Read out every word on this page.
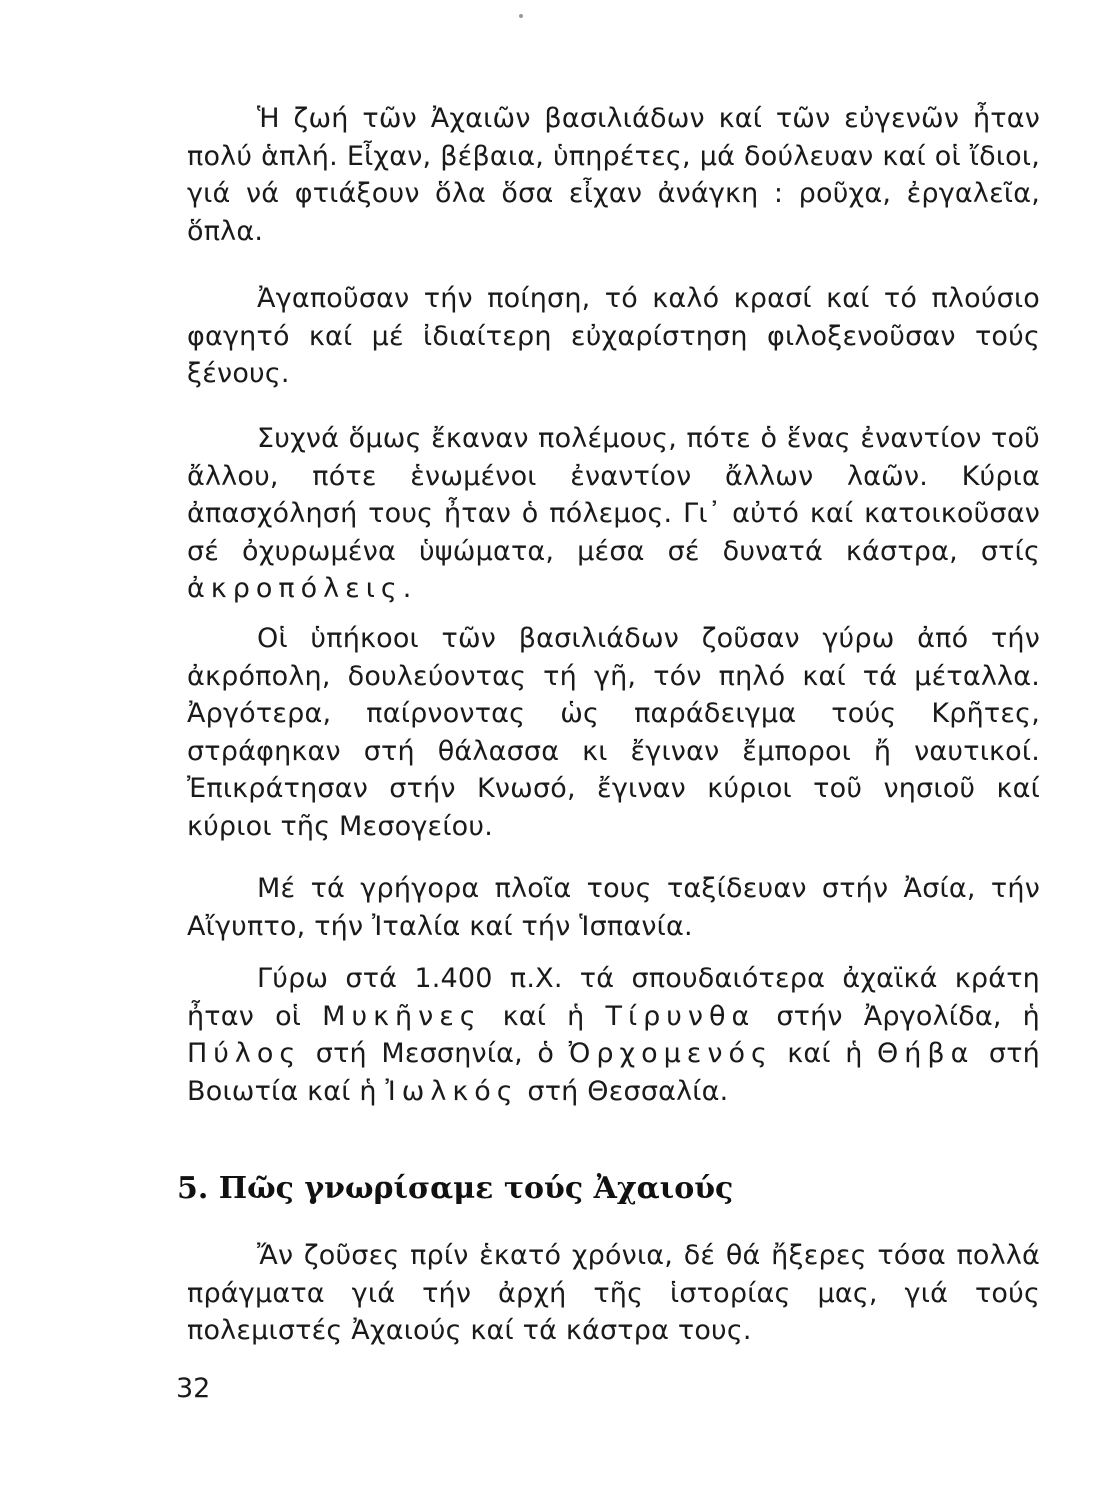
Ἡ ζωή τῶν Ἀχαιῶν βασιλιάδων καί τῶν εὐγενῶν ἦταν πολύ ἁπλή. Εἶχαν, βέβαια, ὑπηρέτες, μά δούλευαν καί οἱ ἴδιοι, γιά νά φτιάξουν ὅλα ὅσα εἶχαν ἀνάγκη : ροῦχα, ἐργαλεῖα, ὅπλα.

Ἀγαποῦσαν τήν ποίηση, τό καλό κρασί καί τό πλούσιο φαγητό καί μέ ἰδιαίτερη εὐχαρίστηση φιλοξενοῦσαν τούς ξένους.

Συχνά ὅμως ἔκαναν πολέμους, πότε ὁ ἕνας ἐναντίον τοῦ ἄλλου, πότε ἑνωμένοι ἐναντίον ἄλλων λαῶν. Κύρια ἀπασχόλησή τους ἦταν ὁ πόλεμος. Γι᾿ αὐτό καί κατοικοῦσαν σέ ὀχυρωμένα ὑψώματα, μέσα σέ δυνατά κάστρα, στίς ἀκροπόλεις.

Οἱ ὑπήκοοι τῶν βασιλιάδων ζοῦσαν γύρω ἀπό τήν ἀκρόπολη, δουλεύοντας τή γῆ, τόν πηλό καί τά μέταλλα. Ἀργότερα, παίρνοντας ὡς παράδειγμα τούς Κρῆτες, στράφηκαν στή θάλασσα κι ἔγιναν ἔμποροι ἤ ναυτικοί. Ἐπικράτησαν στήν Κνωσό, ἔγιναν κύριοι τοῦ νησιοῦ καί κύριοι τῆς Μεσογείου.

Μέ τά γρήγορα πλοῖα τους ταξίδευαν στήν Ἀσία, τήν Αἴγυπτο, τήν Ἰταλία καί τήν Ἱσπανία.

Γύρω στά 1.400 π.Χ. τά σπουδαιότερα ἀχαϊκά κράτη ἦταν οἱ Μυκῆνες καί ἡ Τίρυνθα στήν Ἀργολίδα, ἡ Πύλος στή Μεσσηνία, ὁ Ὀρχομενός καί ἡ Θήβα στή Βοιωτία καί ἡ Ἰωλκός στή Θεσσαλία.

5. Πῶς γνωρίσαμε τούς Ἀχαιούς

Ἄν ζοῦσες πρίν ἑκατό χρόνια, δέ θά ἤξερες τόσα πολλά πράγματα γιά τήν ἀρχή τῆς ἱστορίας μας, γιά τούς πολεμιστές Ἀχαιούς καί τά κάστρα τους.

32
